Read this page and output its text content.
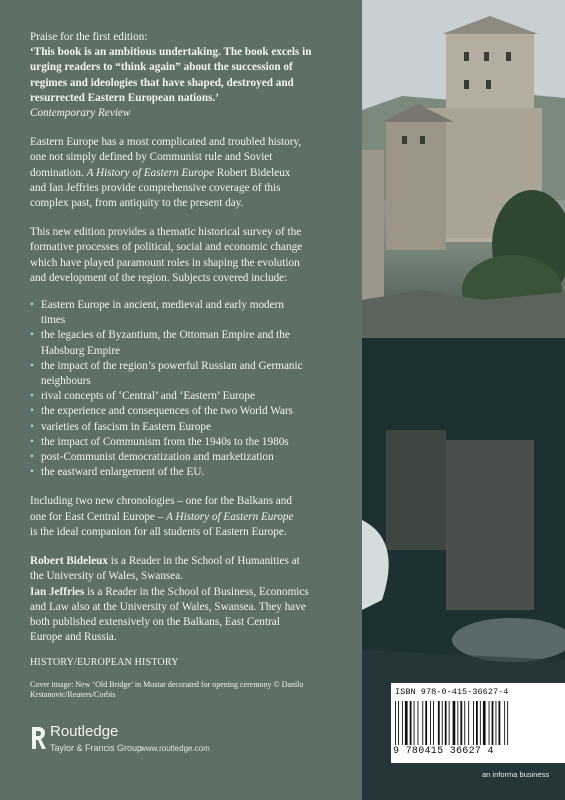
Praise for the first edition:
‘This book is an ambitious undertaking. The book excels in
urging readers to “think again” about the succession of
regimes and ideologies that have shaped, destroyed and
resurrected Eastern European nations.’
Contemporary Review
Eastern Europe has a most complicated and troubled history,
one not simply defined by Communist rule and Soviet
domination. A History of Eastern Europe Robert Bideleux
and Ian Jeffries provide comprehensive coverage of this
complex past, from antiquity to the present day.
This new edition provides a thematic historical survey of the
formative processes of political, social and economic change
which have played paramount roles in shaping the evolution
and development of the region. Subjects covered include:
• Eastern Europe in ancient, medieval and early modern
times
• the legacies of Byzantium, the Ottoman Empire and the
Habsburg Empire
• the impact of the region’s powerful Russian and Germanic
neighbours
• rival concepts of ‘Central’ and ‘Eastern’ Europe
• the experience and consequences of the two World Wars
• varieties of fascism in Eastern Europe
• the impact of Communism from the 1940s to the 1980s
• post-Communist democratization and marketization
• the eastward enlargement of the EU.
Including two new chronologies – one for the Balkans and
one for East Central Europe – A History of Eastern Europe
is the ideal companion for all students of Eastern Europe.
Robert Bideleux is a Reader in the School of Humanities at
the University of Wales, Swansea.
Ian Jeffries is a Reader in the School of Business, Economics
and Law also at the University of Wales, Swansea. They have
both published extensively on the Balkans, East Central
Europe and Russia.
HISTORY/EUROPEAN HISTORY
Cover image: New ‘Old Bridge’ in Mostar decorated for opening ceremony © Danilo
Krstanovic/Reuters/Corbis
Routledge
Taylor & Francis Group
www.routledge.com
ISBN 978-0-415-36627-4
9 780415 36627 4
an informa business
